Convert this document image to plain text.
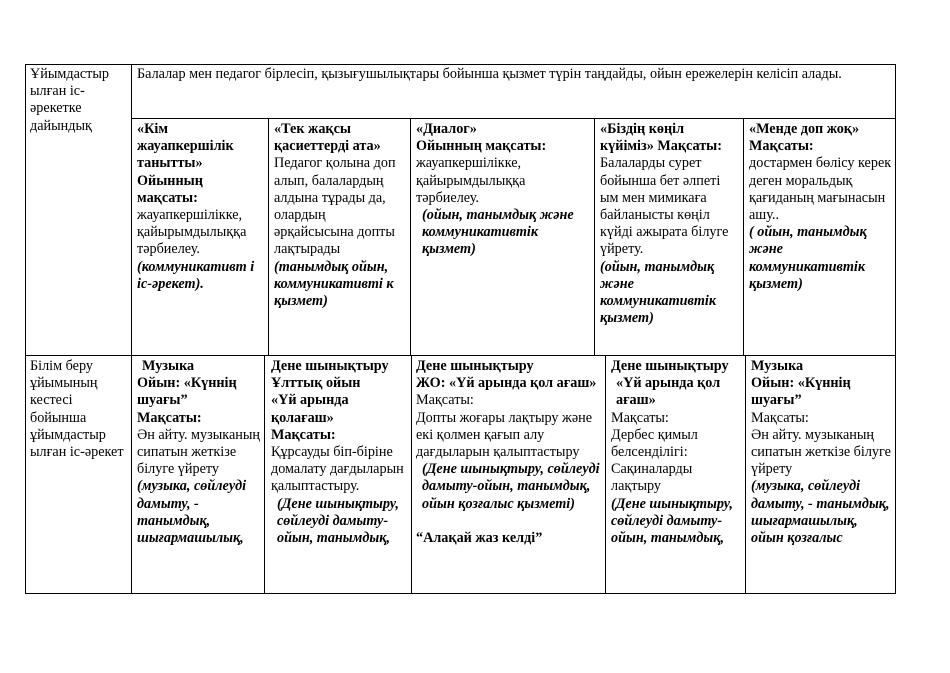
Ұйымдастыр ылған іс-әрекетке дайындық

Балалар мен педагог бірлесіп, қызығушылықтары бойынша қызмет түрін таңдайды, ойын ережелерін келісіп алады.

«Кім жауапкершілік танытты»
Ойынның мақсаты:
жауапкершілікке, қайырымдылыққа тәрбиелеу.
(коммуникативт і іс-әрекет).
«Тек жақсы қасиеттерді ата»
Педагог қолына доп алып, балалардың алдына тұрады да, олардың әрқайсысына допты лақтырады
(танымдық ойын, коммуникативті к қызмет)
«Диалог»
Ойынның мақсаты:
жауапкершілікке, қайырымдылыққа тәрбиелеу.
(ойын, танымдық және коммуникативтік қызмет)
«Біздің көңіл күйіміз» Мақсаты:
Балаларды сурет бойынша бет әлпеті ым мен мимикаға байланысты көңіл күйді ажырата білуге үйрету.
(ойын, танымдық және коммуникативтік қызмет)
«Менде доп жоқ» Мақсаты:
достармен бөлісу керек деген моральдық қағиданың мағынасын ашу..
( ойын, танымдық және коммуникативтік қызмет)

Білім беру ұйымының кестесі бойынша ұйымдастыр ылған іс-әрекет

Музыка
Ойын: «Күннің шуағы”
Мақсаты:
Ән айту. музыканың сипатын жеткізе білуге үйрету
(музыка, сөйлеуді дамыту, - танымдық, шығармашылық,
Дене шынықтыру
Ұлттық ойын
«Үй арында қолағаш»
Мақсаты:
Құрсауды біп-біріне домалату дағдыларын қалыптастыру.
(Дене шынықтыру, сөйлеуді дамыту-ойын, танымдық,
Дене шынықтыру
ЖО: «Үй арында қол ағаш» Мақсаты:
Допты жоғары лақтыру және екі қолмен қағып алу дағдыларын қалыптастыру
(Дене шынықтыру, сөйлеуді дамыту-ойын, танымдық, ойын қозғалыс қызметі)
“Алақай жаз келді”
Дене шынықтыру
«Үй арында қол ағаш»
Мақсаты:
Дербес қимыл белсенділігі: Сақиналарды лақтыру
(Дене шынықтыру, сөйлеуді дамыту-ойын, танымдық,
Музыка
Ойын: «Күннің шуағы”
Мақсаты:
Ән айту. музыканың сипатын жеткізе білуге үйрету
(музыка, сөйлеуді дамыту, - танымдық, шығармашылық, ойын қозғалыс
